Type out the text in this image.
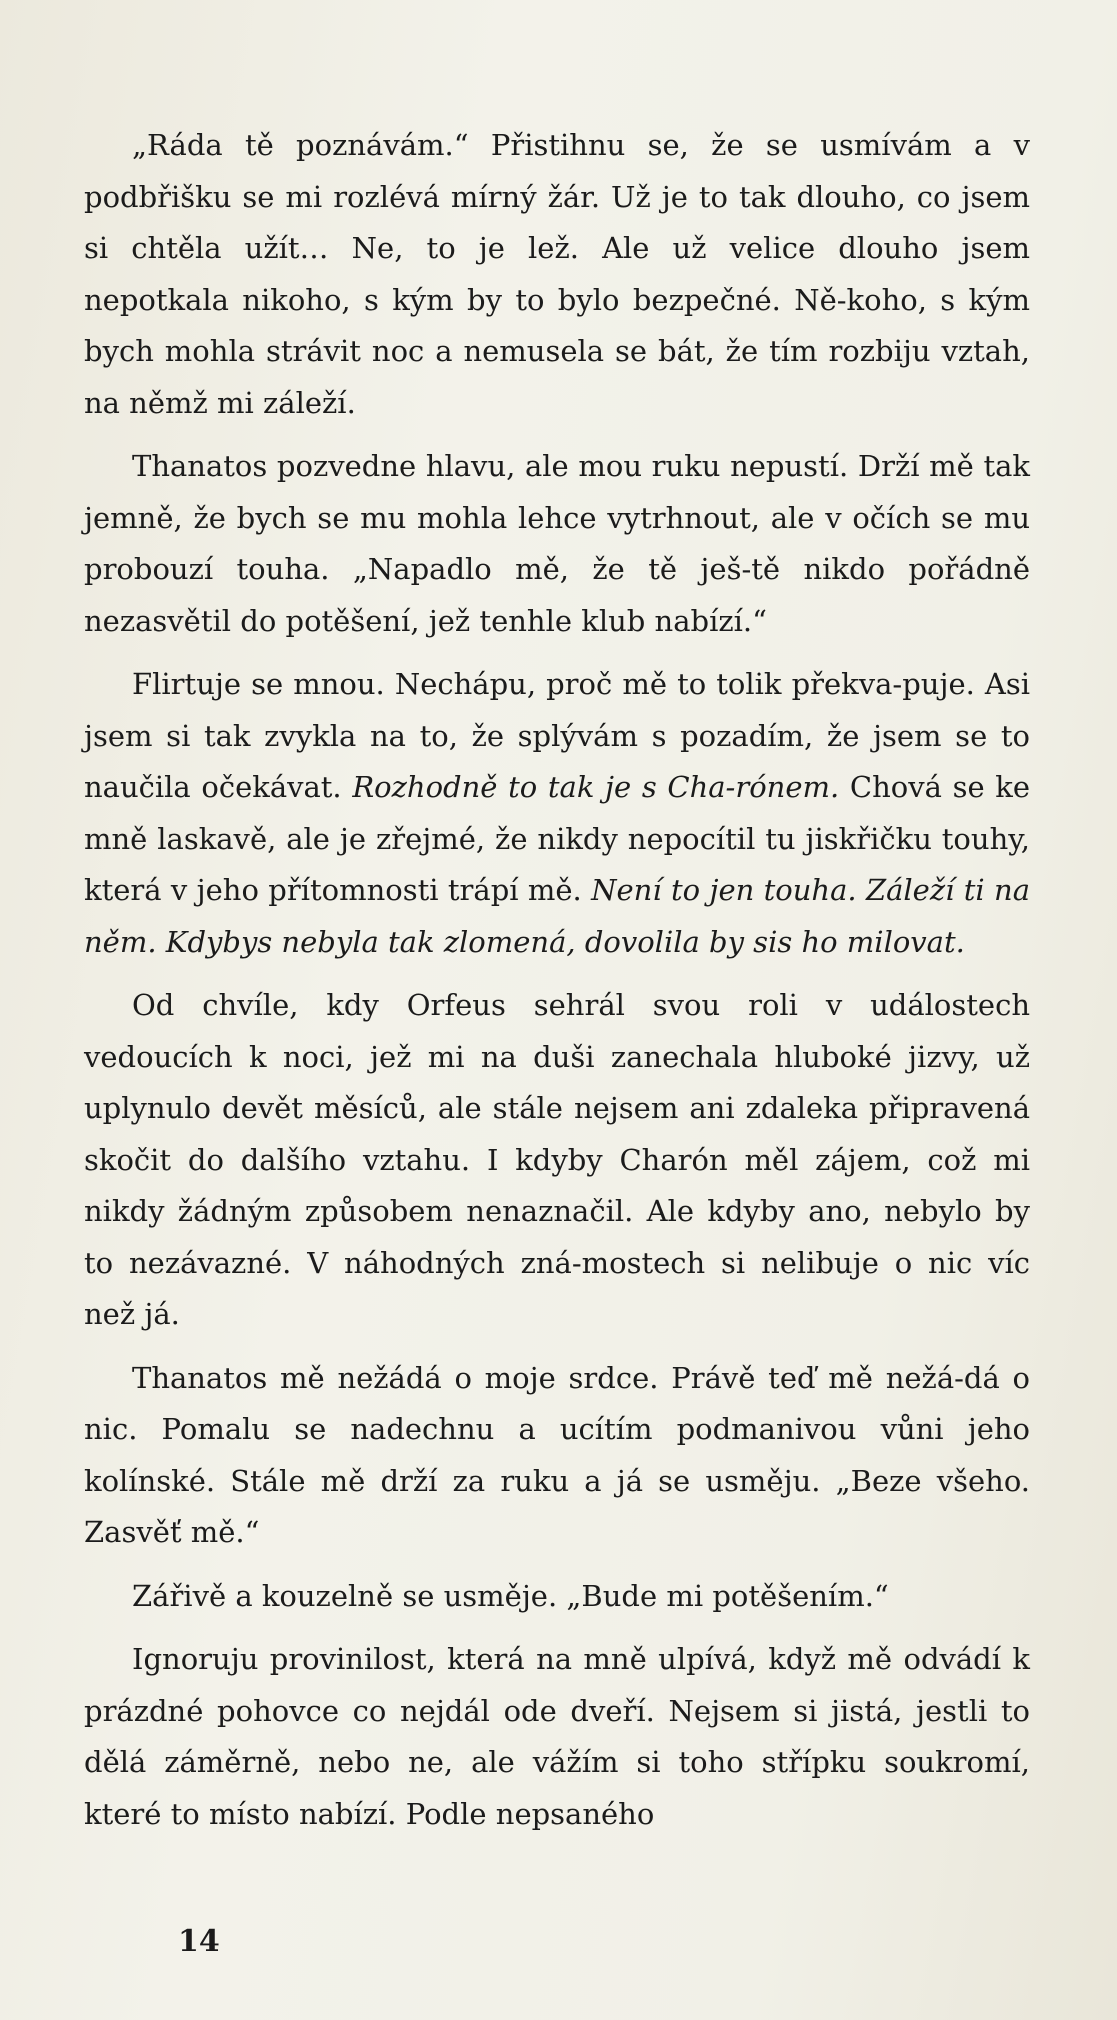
„Ráda tě poznávám.“ Přistihnu se, že se usmívám a v podbřišku se mi rozlévá mírný žár. Už je to tak dlouho, co jsem si chtěla užít… Ne, to je lež. Ale už velice dlouho jsem nepotkala nikoho, s kým by to bylo bezpečné. Ně-koho, s kým bych mohla strávit noc a nemusela se bát, že tím rozbiju vztah, na němž mi záleží.

Thanatos pozvedne hlavu, ale mou ruku nepustí. Drží mě tak jemně, že bych se mu mohla lehce vytrhnout, ale v očích se mu probouzí touha. „Napadlo mě, že tě ješ-tě nikdo pořádně nezasvětil do potěšení, jež tenhle klub nabízí.“

Flirtuje se mnou. Nechápu, proč mě to tolik překva-puje. Asi jsem si tak zvykla na to, že splývám s pozadím, že jsem se to naučila očekávat. Rozhodně to tak je s Cha-rónem. Chová se ke mně laskavě, ale je zřejmé, že nikdy nepocítil tu jiskřičku touhy, která v jeho přítomnosti trápí mě. Není to jen touha. Záleží ti na něm. Kdybys nebyla tak zlomená, dovolila by sis ho milovat.

Od chvíle, kdy Orfeus sehrál svou roli v událostech vedoucích k noci, jež mi na duši zanechala hluboké jizvy, už uplynulo devět měsíců, ale stále nejsem ani zdaleka připravená skočit do dalšího vztahu. I kdyby Charón měl zájem, což mi nikdy žádným způsobem nenaznačil. Ale kdyby ano, nebylo by to nezávazné. V náhodných zná-mostech si nelibuje o nic víc než já.

Thanatos mě nežádá o moje srdce. Právě teď mě nežá-dá o nic. Pomalu se nadechnu a ucítím podmanivou vůni jeho kolínské. Stále mě drží za ruku a já se usměju. „Beze všeho. Zasvěť mě.“

Zářivě a kouzelně se usměje. „Bude mi potěšením.“

Ignoruju provinilost, která na mně ulpívá, když mě odvádí k prázdné pohovce co nejdál ode dveří. Nejsem si jistá, jestli to dělá záměrně, nebo ne, ale vážím si toho střípku soukromí, které to místo nabízí. Podle nepsaného

14
